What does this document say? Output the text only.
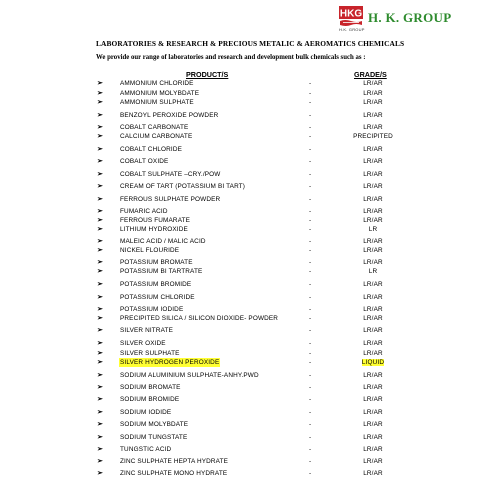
HKG
H.K. GROUP
H. K. GROUP
LABORATORIES & RESEARCH & PRECIOUS METALIC & AEROMATICS CHEMICALS
We provide our range of laboratories and research and development bulk chemicals such as :
PRODUCT/S	GRADE/S
➢	AMMONIUM CHLORIDE	-	LR/AR
➢	AMMONIUM MOLYBDATE	-	LR/AR
➢	AMMONIUM SULPHATE	-	LR/AR
➢	BENZOYL PEROXIDE POWDER	-	LR/AR
➢	COBALT CARBONATE	-	LR/AR
➢	CALCIUM CARBONATE	-	PRECIPITED
➢	COBALT CHLORIDE	-	LR/AR
➢	COBALT OXIDE	-	LR/AR
➢	COBALT SULPHATE –CRY./POW	-	LR/AR
➢	CREAM OF TART (POTASSIUM BI TART)	-	LR/AR
➢	FERROUS SULPHATE POWDER	-	LR/AR
➢	FUMARIC ACID	-	LR/AR
➢	FERROUS FUMARATE	-	LR/AR
➢	LITHIUM HYDROXIDE	-	LR
➢	MALEIC ACID / MALIC ACID	-	LR/AR
➢	NICKEL FLOURIDE	-	LR/AR
➢	POTASSIUM BROMATE	-	LR/AR
➢	POTASSIUM BI TARTRATE	-	LR
➢	POTASSIUM BROMIDE	-	LR/AR
➢	POTASSIUM CHLORIDE	-	LR/AR
➢	POTASSIUM IODIDE	-	LR/AR
➢	PRECIPITED SILICA / SILICON DIOXIDE- POWDER	-	LR/AR
➢	SILVER NITRATE	-	LR/AR
➢	SILVER OXIDE	-	LR/AR
➢	SILVER SULPHATE	-	LR/AR
➢	SILVER HYDROGEN PEROXIDE	-	LIQUID
➢	SODIUM ALUMINIUM SULPHATE-ANHY.PWD	-	LR/AR
➢	SODIUM BROMATE	-	LR/AR
➢	SODIUM BROMIDE	-	LR/AR
➢	SODIUM IODIDE	-	LR/AR
➢	SODIUM MOLYBDATE	-	LR/AR
➢	SODIUM TUNGSTATE	-	LR/AR
➢	TUNGSTIC ACID	-	LR/AR
➢	ZINC SULPHATE HEPTA HYDRATE	-	LR/AR
➢	ZINC SULPHATE MONO HYDRATE	-	LR/AR
